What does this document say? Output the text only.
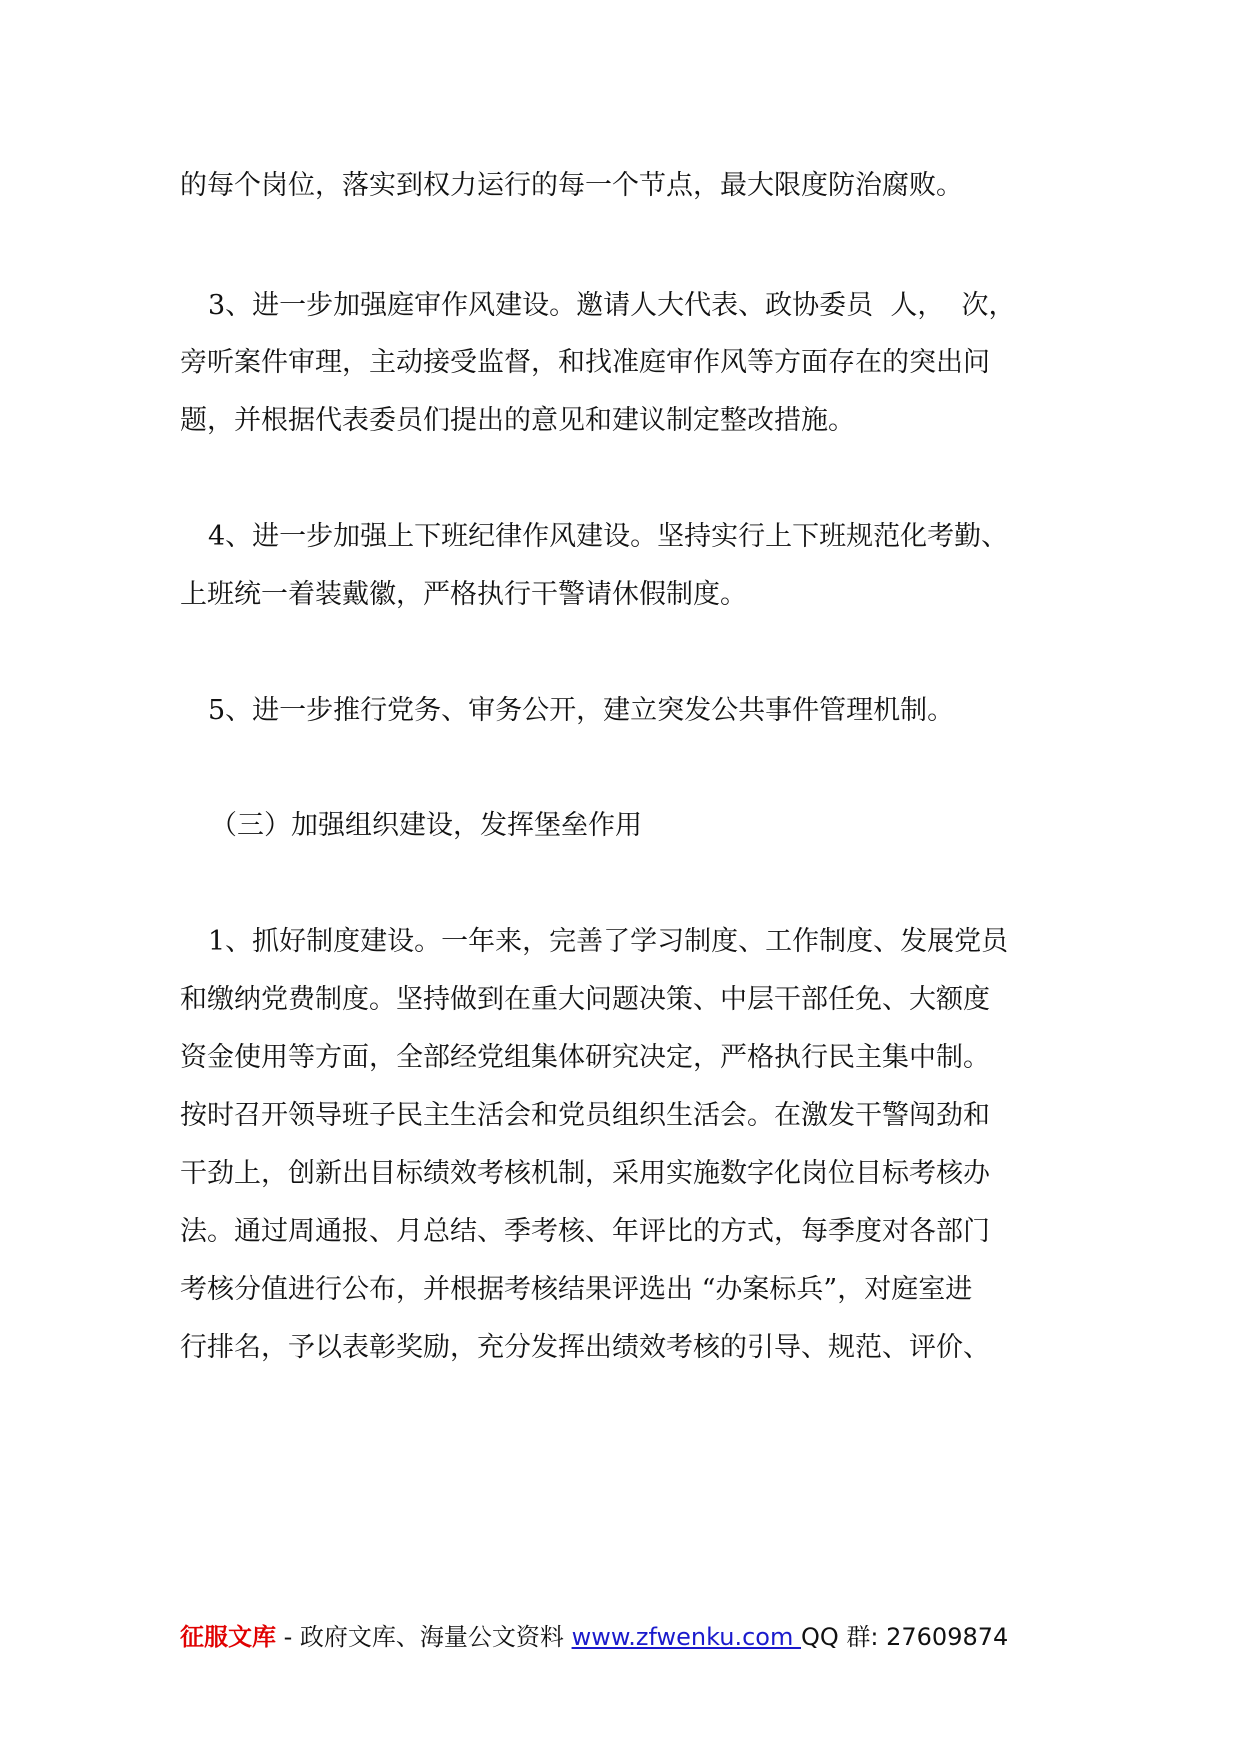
的每个岗位，落实到权力运行的每一个节点，最大限度防治腐败。
3、进一步加强庭审作风建设。邀请人大代表、政协委员  人，  次，
旁听案件审理，主动接受监督，和找准庭审作风等方面存在的突出问
题，并根据代表委员们提出的意见和建议制定整改措施。
4、进一步加强上下班纪律作风建设。坚持实行上下班规范化考勤、
上班统一着装戴徽，严格执行干警请休假制度。
5、进一步推行党务、审务公开，建立突发公共事件管理机制。
（三）加强组织建设，发挥堡垒作用
1、抓好制度建设。一年来，完善了学习制度、工作制度、发展党员
和缴纳党费制度。坚持做到在重大问题决策、中层干部任免、大额度
资金使用等方面，全部经党组集体研究决定，严格执行民主集中制。
按时召开领导班子民主生活会和党员组织生活会。在激发干警闯劲和
干劲上，创新出目标绩效考核机制，采用实施数字化岗位目标考核办
法。通过周通报、月总结、季考核、年评比的方式，每季度对各部门
考核分值进行公布，并根据考核结果评选出 “办案标兵”，对庭室进
行排名，予以表彰奖励，充分发挥出绩效考核的引导、规范、评价、
征服文库 - 政府文库、海量公文资料 www.zfwenku.com QQ 群: 27609874
